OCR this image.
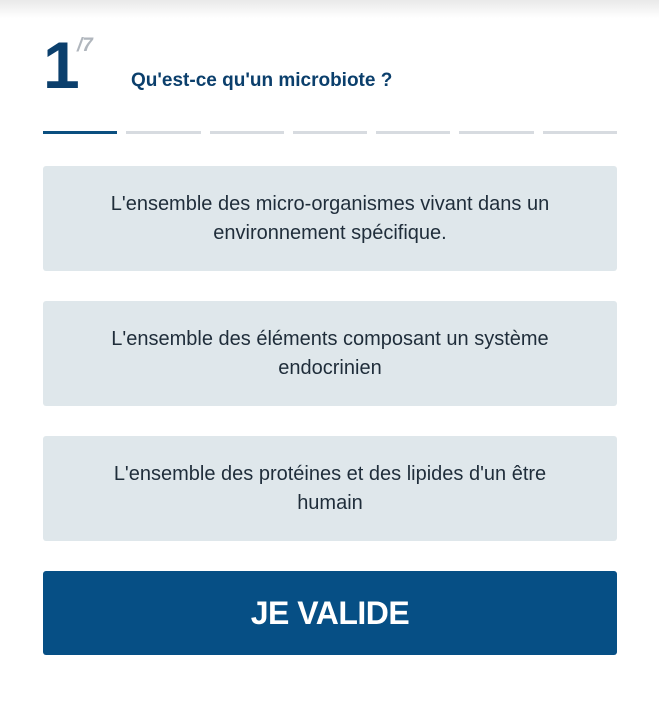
1 /7
Qu'est-ce qu'un microbiote ?
L'ensemble des micro-organismes vivant dans un environnement spécifique.
L'ensemble des éléments composant un système endocrinien
L'ensemble des protéines et des lipides d'un être humain
JE VALIDE
